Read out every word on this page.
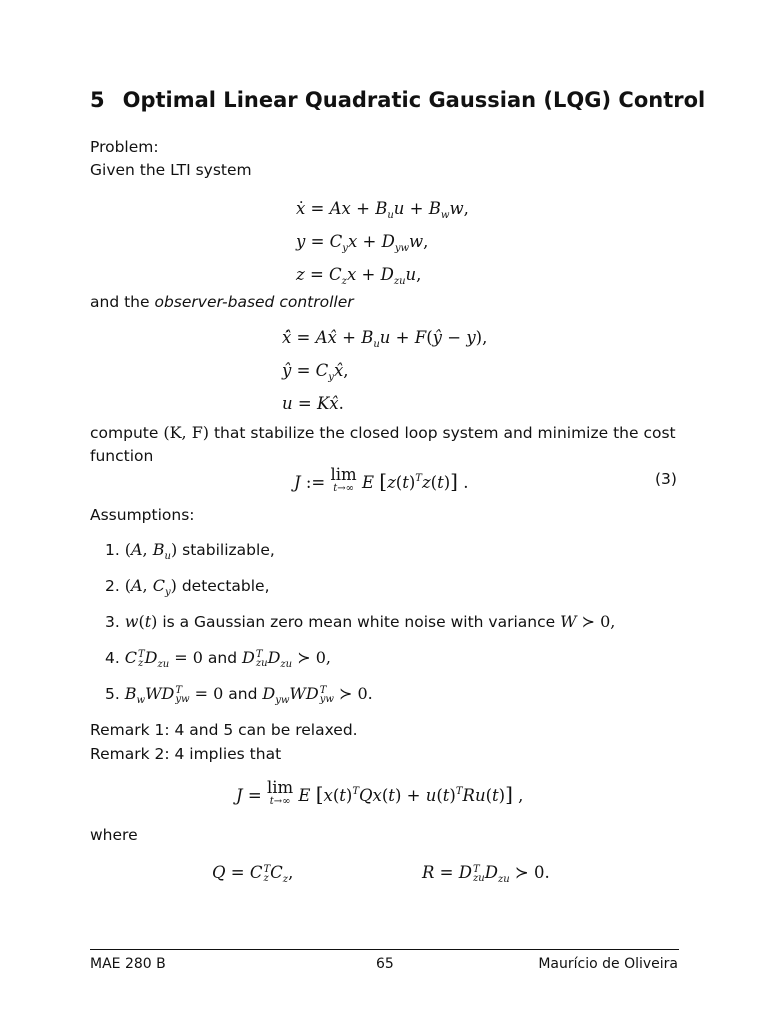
5 Optimal Linear Quadratic Gaussian (LQG) Control
Problem:
Given the LTI system
ẋ = $Ax + B_uu + B_ww$,
$y = C_yx + D_{yw}w$,
$z = C_zx + D_{zu}u$,
and the observer-based controller
x̂̇ = Ax̂ + $B_uu$ + F(ŷ − y),
ŷ = $C_yx̂$,
u = Kx̂.
compute (K, F) that stabilize the closed loop system and minimize the cost
function
J := lim
t→∞ E $[z(t)^Tz(t)]$ .	(3)
Assumptions:
1. (A, $B_u$) stabilizable,
2. (A, $C_y$) detectable,
3. w(t) is a Gaussian zero mean white noise with variance W ≻ 0,
4. C T
z $D_{zu} = 0$ and D T
zu $D_{zu}$ ≻ 0,
5. $B_wWD$ T
yw = 0 and $D_{yw}WD$ T
yw ≻ 0.
Remark 1: 4 and 5 can be relaxed.
Remark 2: 4 implies that
J = lim
t→∞ E $[x(t)^TQx(t) + u(t)^TRu(t)]$ ,
where
Q = C T
z $C_z$,	R = D T
zu $D_{zu}$ ≻ 0.
MAE 280 B	65	Maurício de Oliveira
